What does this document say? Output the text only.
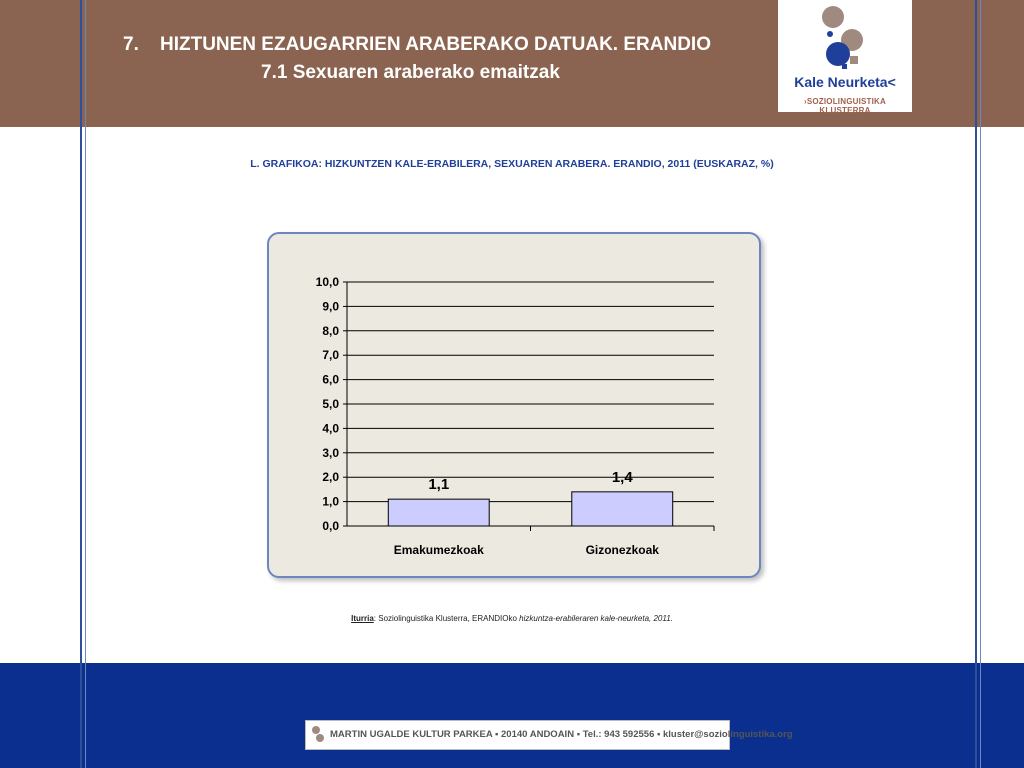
7. HIZTUNEN EZAUGARRIEN ARABERAKO DATUAK. ERANDIO
7.1 Sexuaren araberako emaitzak	Kale Neurketa<
›SOZIOLINGUISTIKA KLUSTERRA
L. GRAFIKOA: HIZKUNTZEN KALE-ERABILERA, SEXUAREN ARABERA. ERANDIO, 2011 (EUSKARAZ, %)
0,0
1,0
2,0
3,0
4,0
5,0
6,0
7,0
8,0
9,0
10,0
1,1
Emakumezkoak
1,4
Gizonezkoak
Iturria: Soziolinguistika Klusterra, ERANDIOko hizkuntza-erabileraren kale-neurketa, 2011.
MARTIN UGALDE KULTUR PARKEA ▪ 20140 ANDOAIN ▪ Tel.: 943 592556 ▪ kluster@soziolinguistika.org
